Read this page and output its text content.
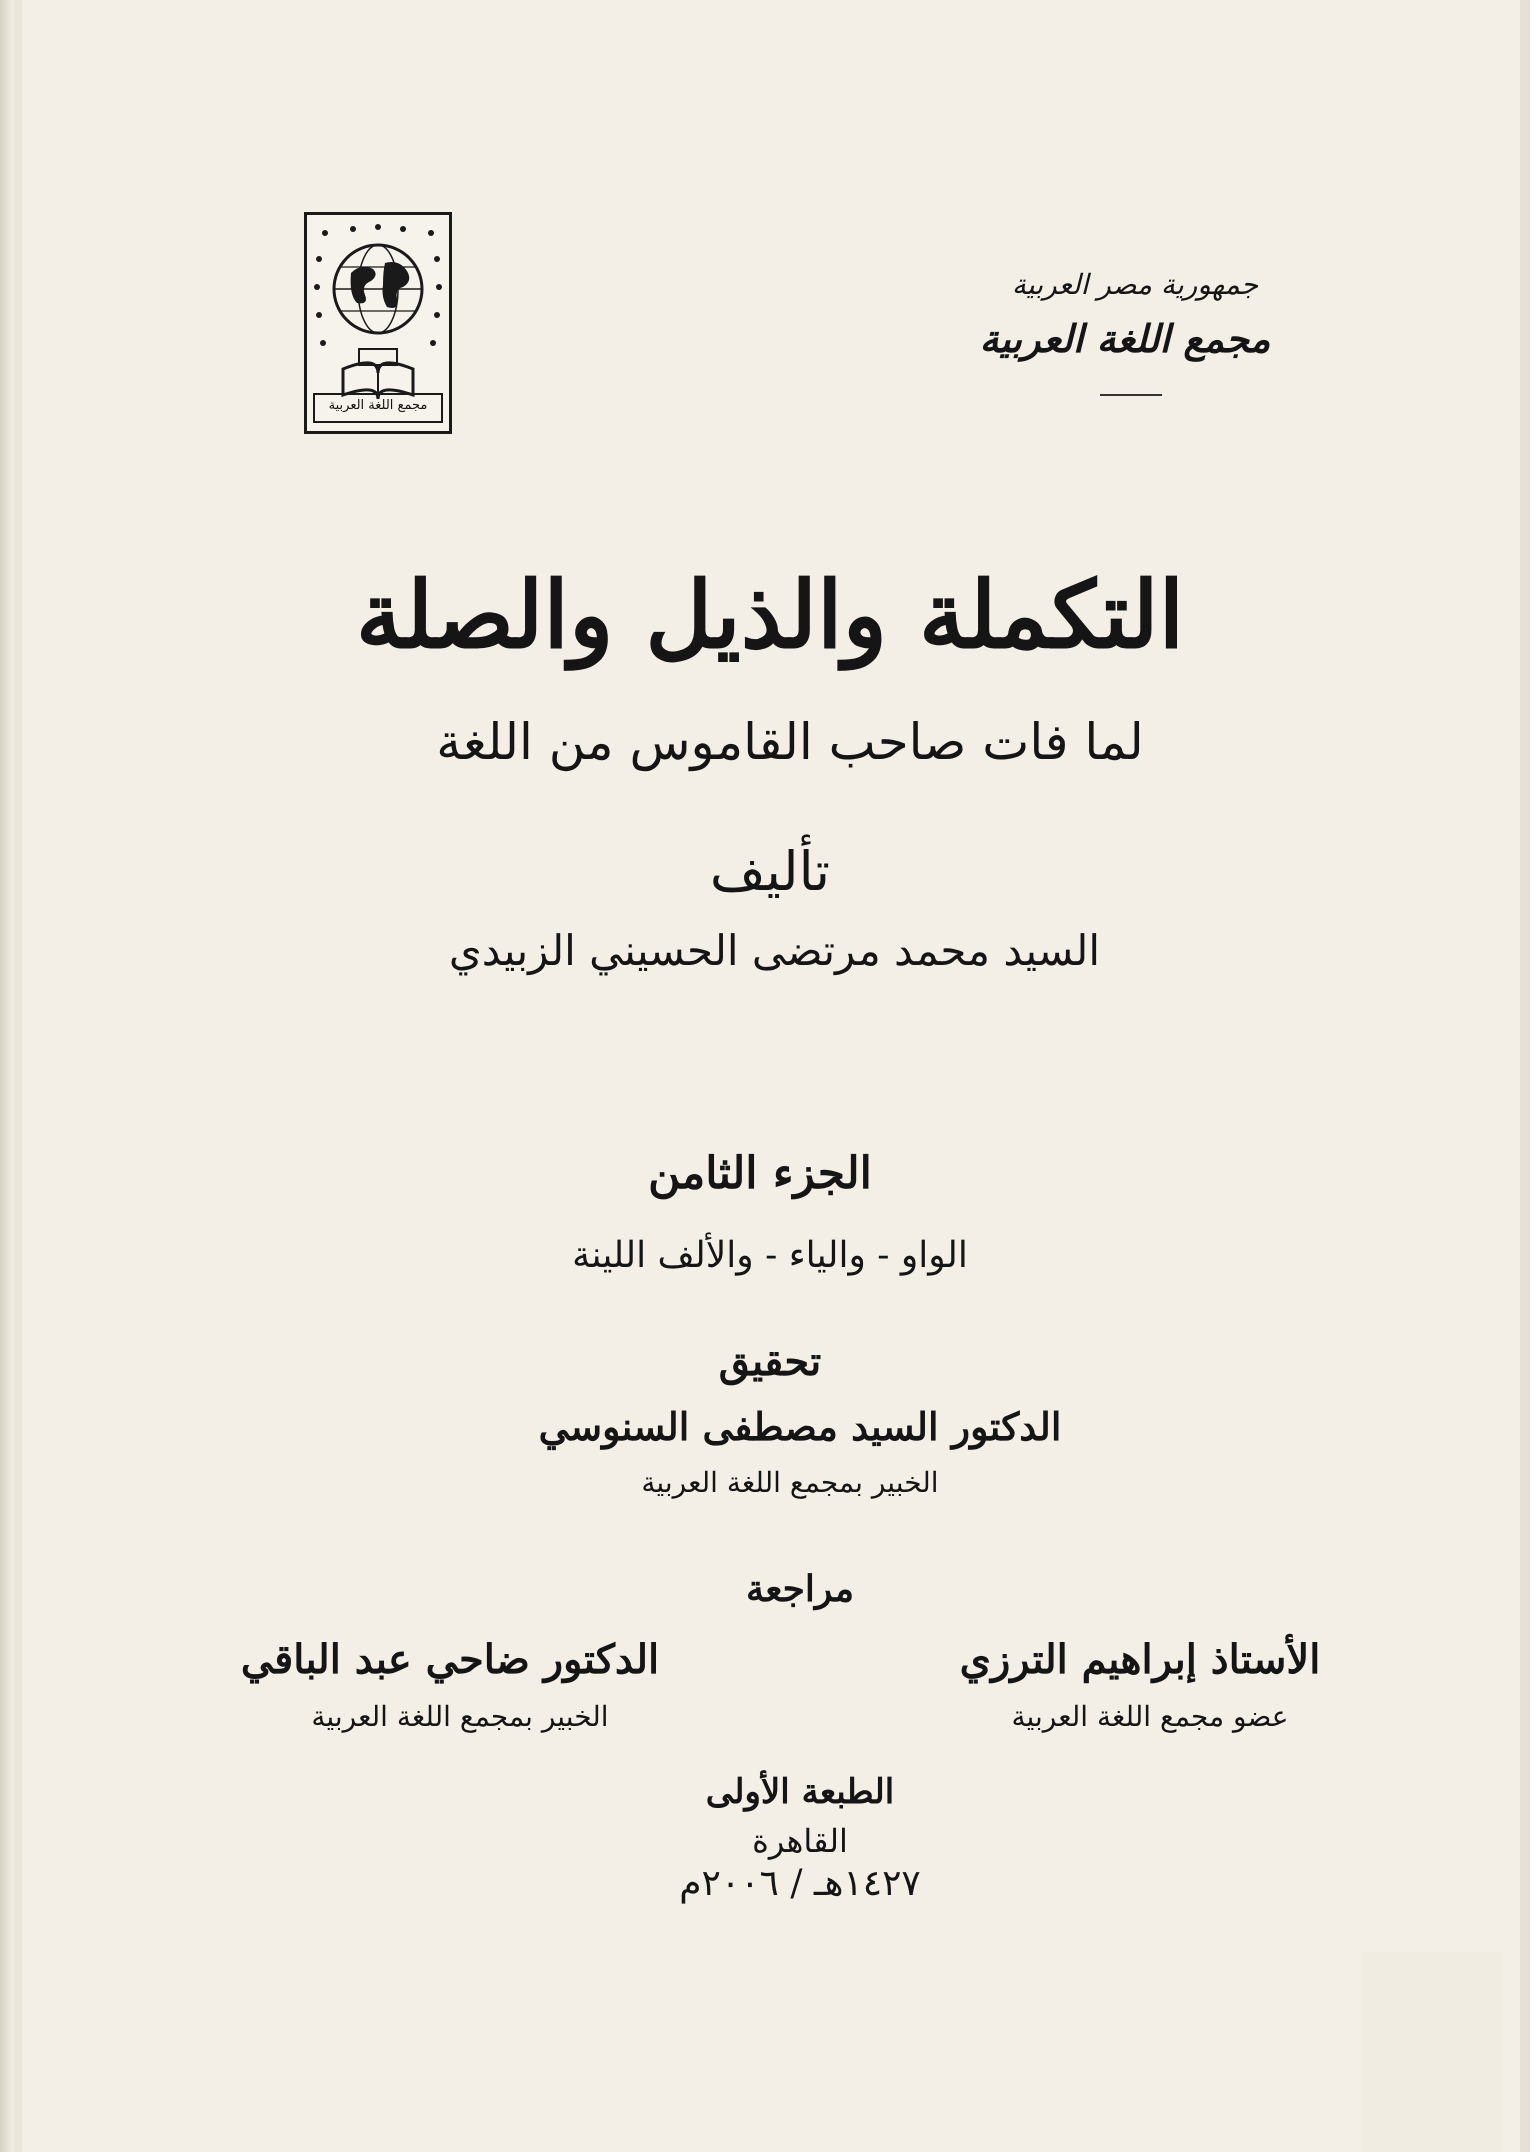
مجمع اللغة العربية
جمهورية مصر العربية
مجمع اللغة العربية
التكملة والذيل والصلة
لما فات صاحب القاموس من اللغة
تأليف
السيد محمد مرتضى الحسيني الزبيدي
الجزء الثامن
الواو - والياء - والألف اللينة
تحقيق
الدكتور السيد مصطفى السنوسي
الخبير بمجمع اللغة العربية
مراجعة
الأستاذ إبراهيم الترزي
عضو مجمع اللغة العربية
الدكتور ضاحي عبد الباقي
الخبير بمجمع اللغة العربية
الطبعة الأولى
القاهرة
١٤٢٧هـ / ٢٠٠٦م
